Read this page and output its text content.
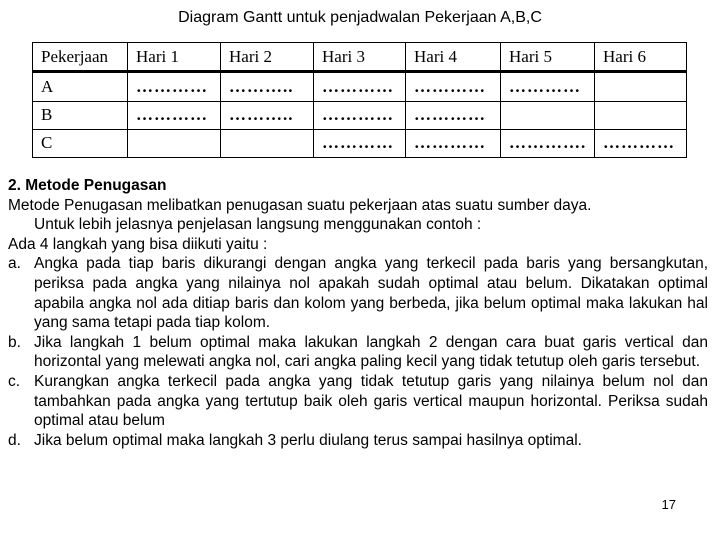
Diagram Gantt untuk penjadwalan Pekerjaan A,B,C
Pekerjaan	Hari 1	Hari 2	Hari 3	Hari 4	Hari 5	Hari 6
A	…………	………..	…………	…………	…………	
B	…………	………..	…………	…………		
C			…………	…………	………….	…………

2. Metode Penugasan

Metode Penugasan melibatkan penugasan suatu pekerjaan atas suatu sumber daya.

Untuk lebih jelasnya penjelasan langsung menggunakan contoh :

Ada 4 langkah yang bisa diikuti yaitu :

a. Angka pada tiap baris dikurangi dengan angka yang terkecil pada baris yang bersangkutan, periksa pada angka yang nilainya nol apakah sudah optimal atau belum. Dikatakan optimal apabila angka nol ada ditiap baris dan kolom yang berbeda, jika belum optimal maka lakukan hal yang sama tetapi pada tiap kolom.
b. Jika langkah 1 belum optimal maka lakukan langkah 2 dengan cara buat garis vertical dan horizontal yang melewati angka nol, cari angka paling kecil yang tidak tetutup oleh garis tersebut.
c. Kurangkan angka terkecil pada angka yang tidak tetutup garis yang nilainya belum nol dan tambahkan pada angka yang tertutup baik oleh garis vertical maupun horizontal. Periksa sudah optimal atau belum
d. Jika belum optimal maka langkah 3 perlu diulang terus sampai hasilnya optimal.
17
